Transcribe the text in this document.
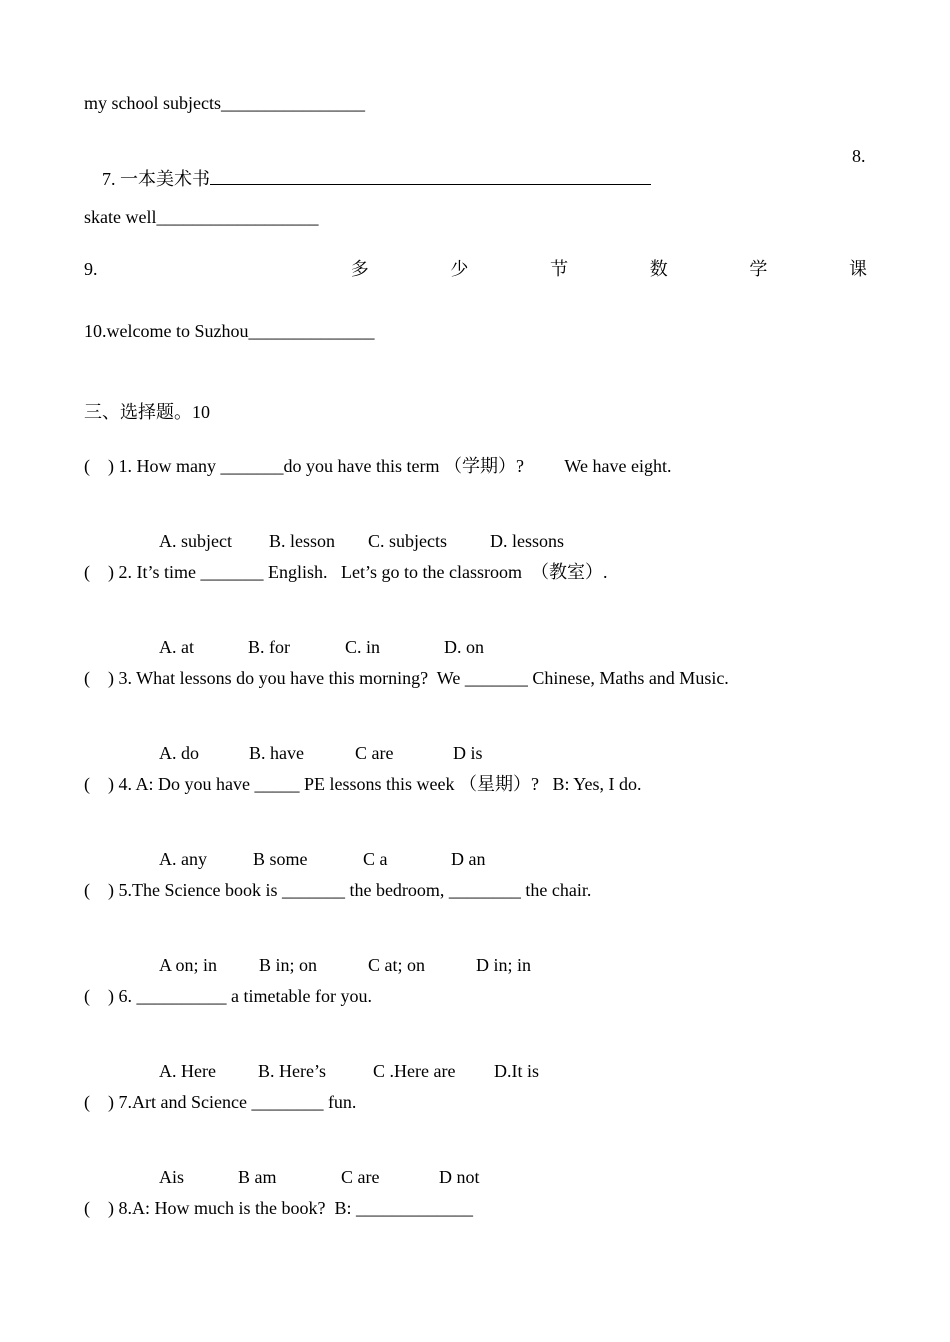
my school subjects________________

7. 一本美术书

8.
skate well__________________
9.	多	少	节	数	学	课
10.welcome to Suzhou______________
三、选择题。10
(    ) 1. How many _______do you have this term （学期）?         We have eight.

A. subject B. lesson C. subjects D. lessons

(    ) 2. It’s time _______ English.   Let’s go to the classroom  （教室）.

A. at	B. for	C. in	D. on

(    ) 3. What lessons do you have this morning?  We _______ Chinese, Maths and Music.

A. do	B. have	C are	D is

(    ) 4. A: Do you have _____ PE lessons this week （星期）?   B: Yes, I do.

A. any	B some	C a	D an

(    ) 5.The Science book is _______ the bedroom, ________ the chair.

A on; in B in; on	C at; on	D in; in

(    ) 6. __________ a timetable for you.

A. Here B. Here’s	C .Here are D.It is

(    ) 7.Art and Science ________ fun.

Ais	B am	C are	D not

(    ) 8.A: How much is the book?  B: _____________
